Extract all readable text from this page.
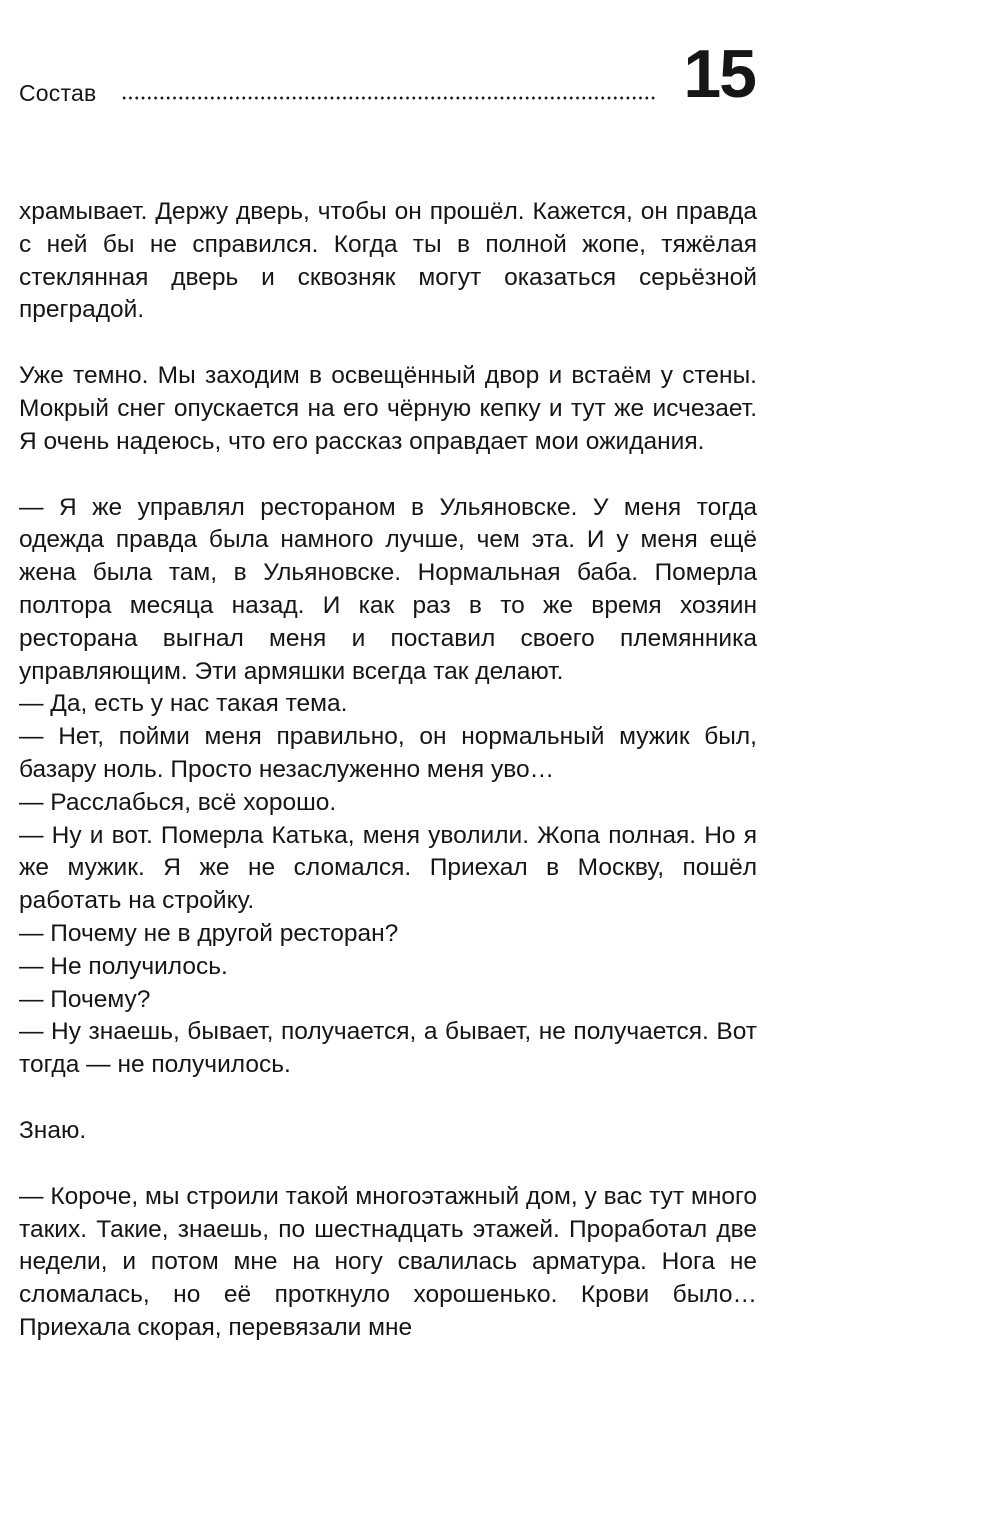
Состав	15

храмывает. Держу дверь, чтобы он прошёл. Кажется, он правда с ней бы не справился. Когда ты в полной жопе, тяжёлая стеклянная дверь и сквозняк могут оказаться серьёзной преградой.

Уже темно. Мы заходим в освещённый двор и встаём у стены. Мокрый снег опускается на его чёрную кепку и тут же исчезает. Я очень надеюсь, что его рассказ оправдает мои ожидания.

— Я же управлял рестораном в Ульяновске. У меня тогда одежда правда была намного лучше, чем эта. И у меня ещё жена была там, в Ульяновске. Нормальная баба. Померла полтора месяца назад. И как раз в то же время хозяин ресторана выгнал меня и поставил своего племянника управляющим. Эти армяшки всегда так делают.

— Да, есть у нас такая тема.

— Нет, пойми меня правильно, он нормальный мужик был, базару ноль. Просто незаслуженно меня уво…

— Расслабься, всё хорошо.

— Ну и вот. Померла Катька, меня уволили. Жопа полная. Но я же мужик. Я же не сломался. Приехал в Москву, пошёл работать на стройку.

— Почему не в другой ресторан?

— Не получилось.

— Почему?

— Ну знаешь, бывает, получается, а бывает, не получается. Вот тогда — не получилось.

Знаю.

— Короче, мы строили такой многоэтажный дом, у вас тут много таких. Такие, знаешь, по шестнадцать этажей. Проработал две недели, и потом мне на ногу свалилась арматура. Нога не сломалась, но её проткнуло хорошенько. Крови было… Приехала скорая, перевязали мне
